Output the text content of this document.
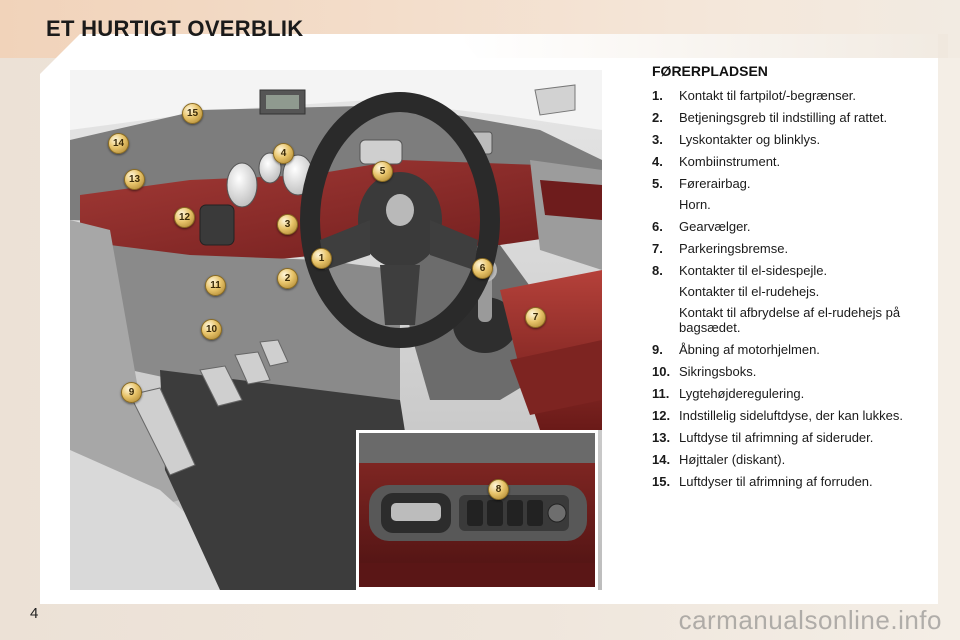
ET HURTIGT OVERBLIK
1
2
3
4
5
6
7
8
9
10
11
12
13
14
15
FØRERPLADSEN
1.	Kontakt til fartpilot/-begrænser.
2.	Betjeningsgreb til indstilling af rattet.
3.	Lyskontakter og blinklys.
4.	Kombiinstrument.
5.	Førerairbag.
Horn.
6.	Gearvælger.
7.	Parkeringsbremse.
8.	Kontakter til el-sidespejle.
Kontakter til el-rudehejs.
Kontakt til afbrydelse af el-rudehejs på bagsædet.
9.	Åbning af motorhjelmen.
10. Sikringsboks.
11. Lygtehøjderegulering.
12. Indstillelig sideluftdyse, der kan lukkes.
13. Luftdyse til afrimning af sideruder.
14. Højttaler (diskant).
15. Luftdyser til afrimning af forruden.
4	carmanualsonline.info
